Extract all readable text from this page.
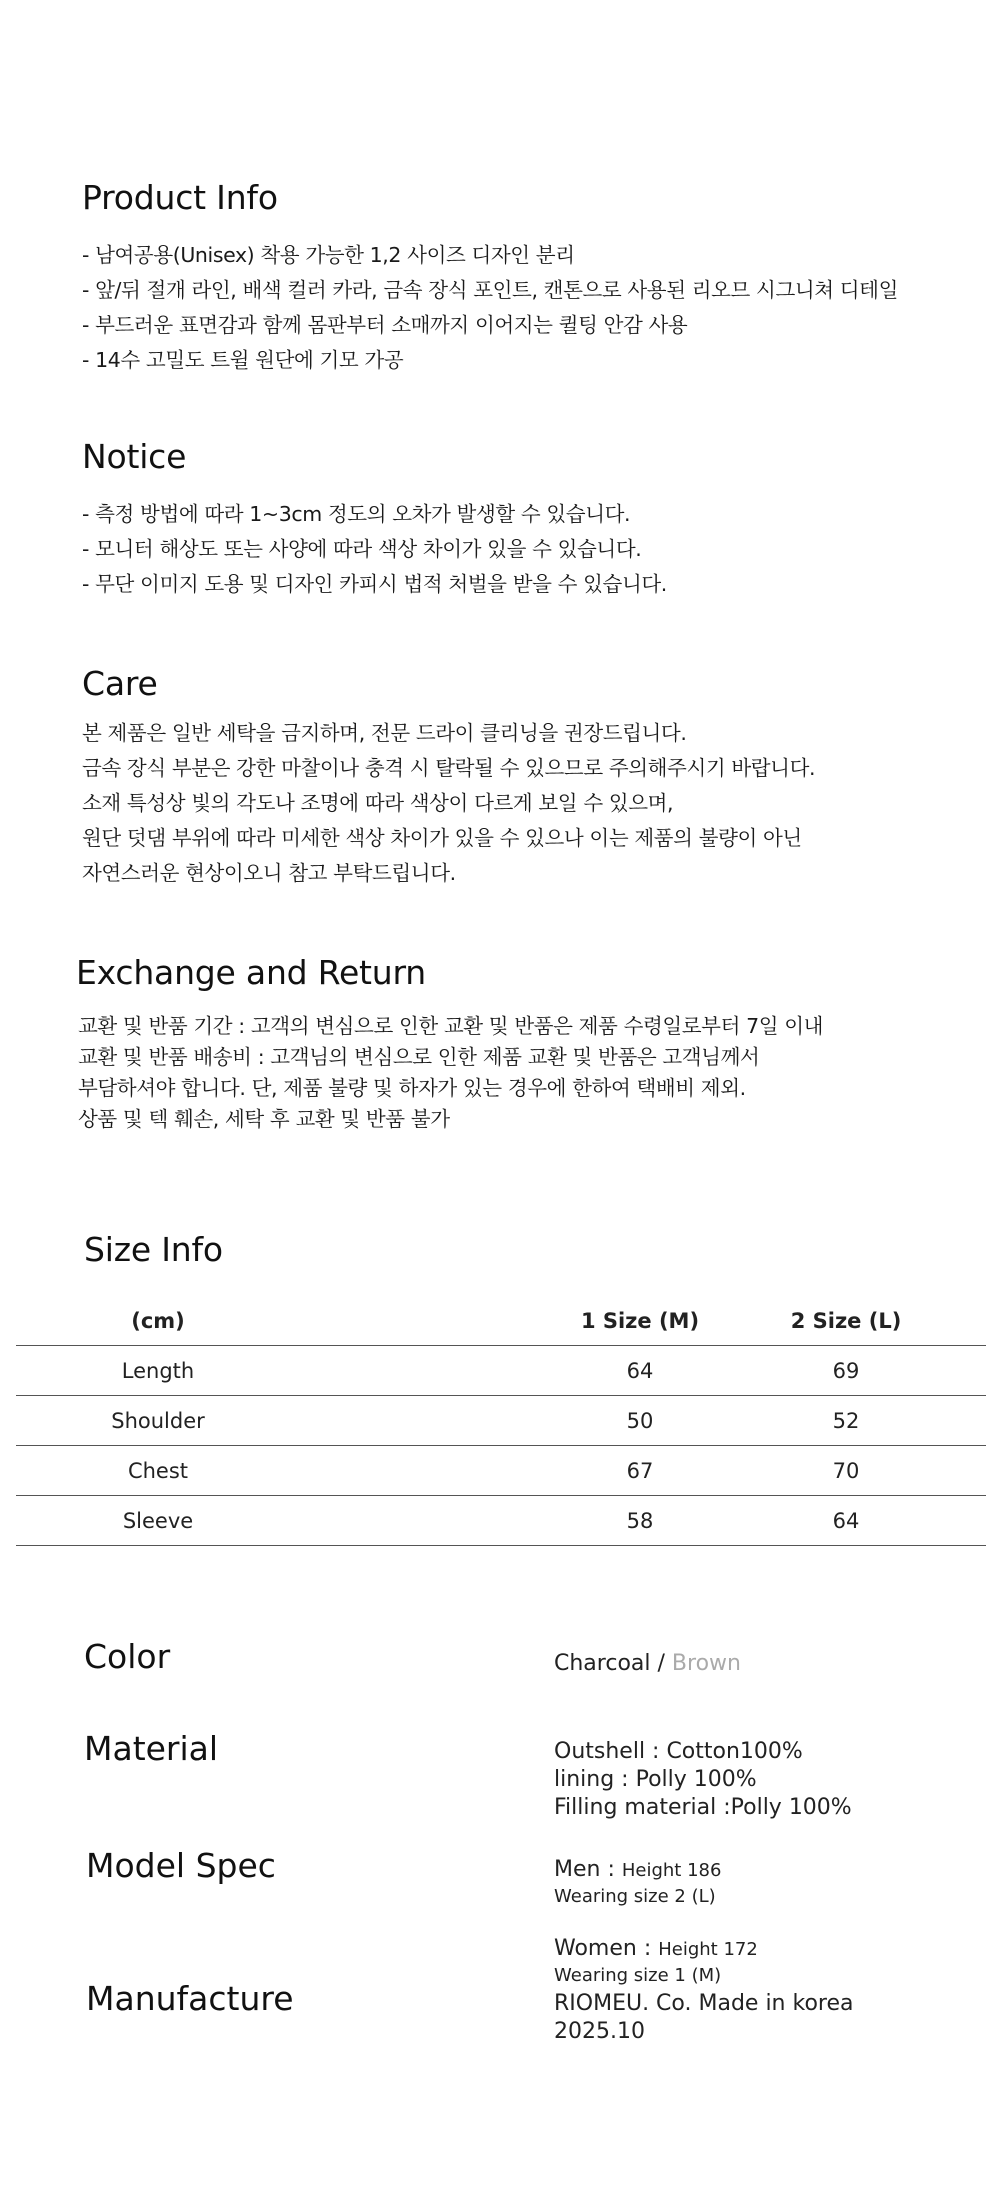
Product Info
- 남여공용(Unisex) 착용 가능한 1,2 사이즈 디자인 분리
- 앞/뒤 절개 라인, 배색 컬러 카라, 금속 장식 포인트, 캔톤으로 사용된 리오므 시그니쳐 디테일
- 부드러운 표면감과 함께 몸판부터 소매까지 이어지는 퀼팅 안감 사용
- 14수 고밀도 트윌 원단에 기모 가공
Notice
- 측정 방법에 따라 1~3cm 정도의 오차가 발생할 수 있습니다.
- 모니터 해상도 또는 사양에 따라 색상 차이가 있을 수 있습니다.
- 무단 이미지 도용 및 디자인 카피시 법적 처벌을 받을 수 있습니다.
Care
본 제품은 일반 세탁을 금지하며, 전문 드라이 클리닝을 권장드립니다.
금속 장식 부분은 강한 마찰이나 충격 시 탈락될 수 있으므로 주의해주시기 바랍니다.
소재 특성상 빛의 각도나 조명에 따라 색상이 다르게 보일 수 있으며,
원단 덧댐 부위에 따라 미세한 색상 차이가 있을 수 있으나 이는 제품의 불량이 아닌
자연스러운 현상이오니 참고 부탁드립니다.
Exchange and Return
교환 및 반품 기간 : 고객의 변심으로 인한 교환 및 반품은 제품 수령일로부터 7일 이내
교환 및 반품 배송비 : 고객님의 변심으로 인한 제품 교환 및 반품은 고객님께서
부담하셔야 합니다. 단, 제품 불량 및 하자가 있는 경우에 한하여 택배비 제외.
상품 및 텍 훼손, 세탁 후 교환 및 반품 불가
Size Info
(cm)	1 Size (M)	2 Size (L)
Length	64	69
Shoulder	50	52
Chest	67	70
Sleeve	58	64
Color	Charcoal / Brown
Material	Outshell : Cotton100%
lining : Polly 100%
Filling material :Polly 100%
Model Spec	Men : Height 186
Wearing size 2 (L)
Women : Height 172
Wearing size 1 (M)
Manufacture	RIOMEU. Co. Made in korea
2025.10
